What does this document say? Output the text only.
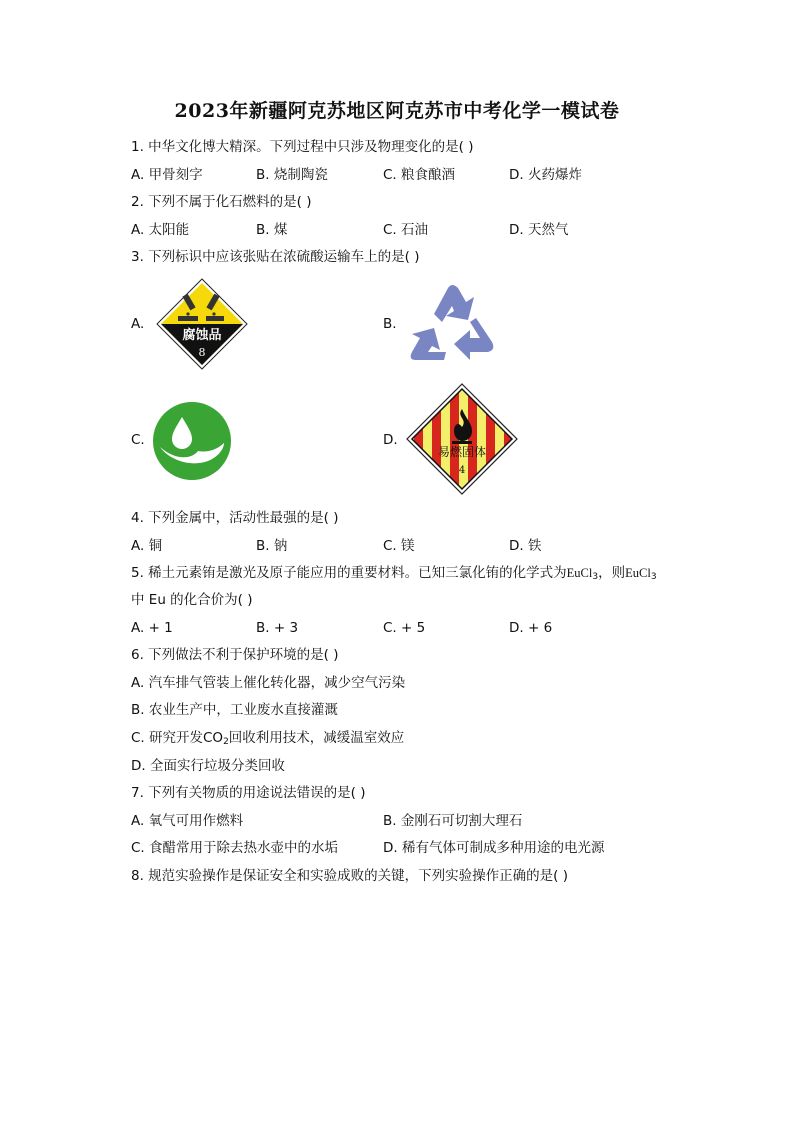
2023年新疆阿克苏地区阿克苏市中考化学一模试卷
1. 中华文化博大精深。下列过程中只涉及物理变化的是( )
A. 甲骨刻字	B. 烧制陶瓷	C. 粮食酿酒	D. 火药爆炸
2. 下列不属于化石燃料的是( )
A. 太阳能	B. 煤	C. 石油	D. 天然气
3. 下列标识中应该张贴在浓硫酸运输车上的是( )
A.
腐蚀品
8
B.
C.	D.
易燃固体
4
4. 下列金属中，活动性最强的是( )
A. 铜	B. 钠	C. 镁	D. 铁
5. 稀土元素铕是激光及原子能应用的重要材料。已知三氯化铕的化学式为EuCl$_3$，则EuCl$_3$
中 Eu 的化合价为( )
A. + 1	B. + 3	C. + 5	D. + 6
6. 下列做法不利于保护环境的是( )
A. 汽车排气管装上催化转化器，减少空气污染
B. 农业生产中，工业废水直接灌溉
C. 研究开发$CO_2$回收利用技术，减缓温室效应
D. 全面实行垃圾分类回收
7. 下列有关物质的用途说法错误的是( )
A. 氧气可用作燃料	B. 金刚石可切割大理石
C. 食醋常用于除去热水壶中的水垢	D. 稀有气体可制成多种用途的电光源
8. 规范实验操作是保证安全和实验成败的关键，下列实验操作正确的是( )
